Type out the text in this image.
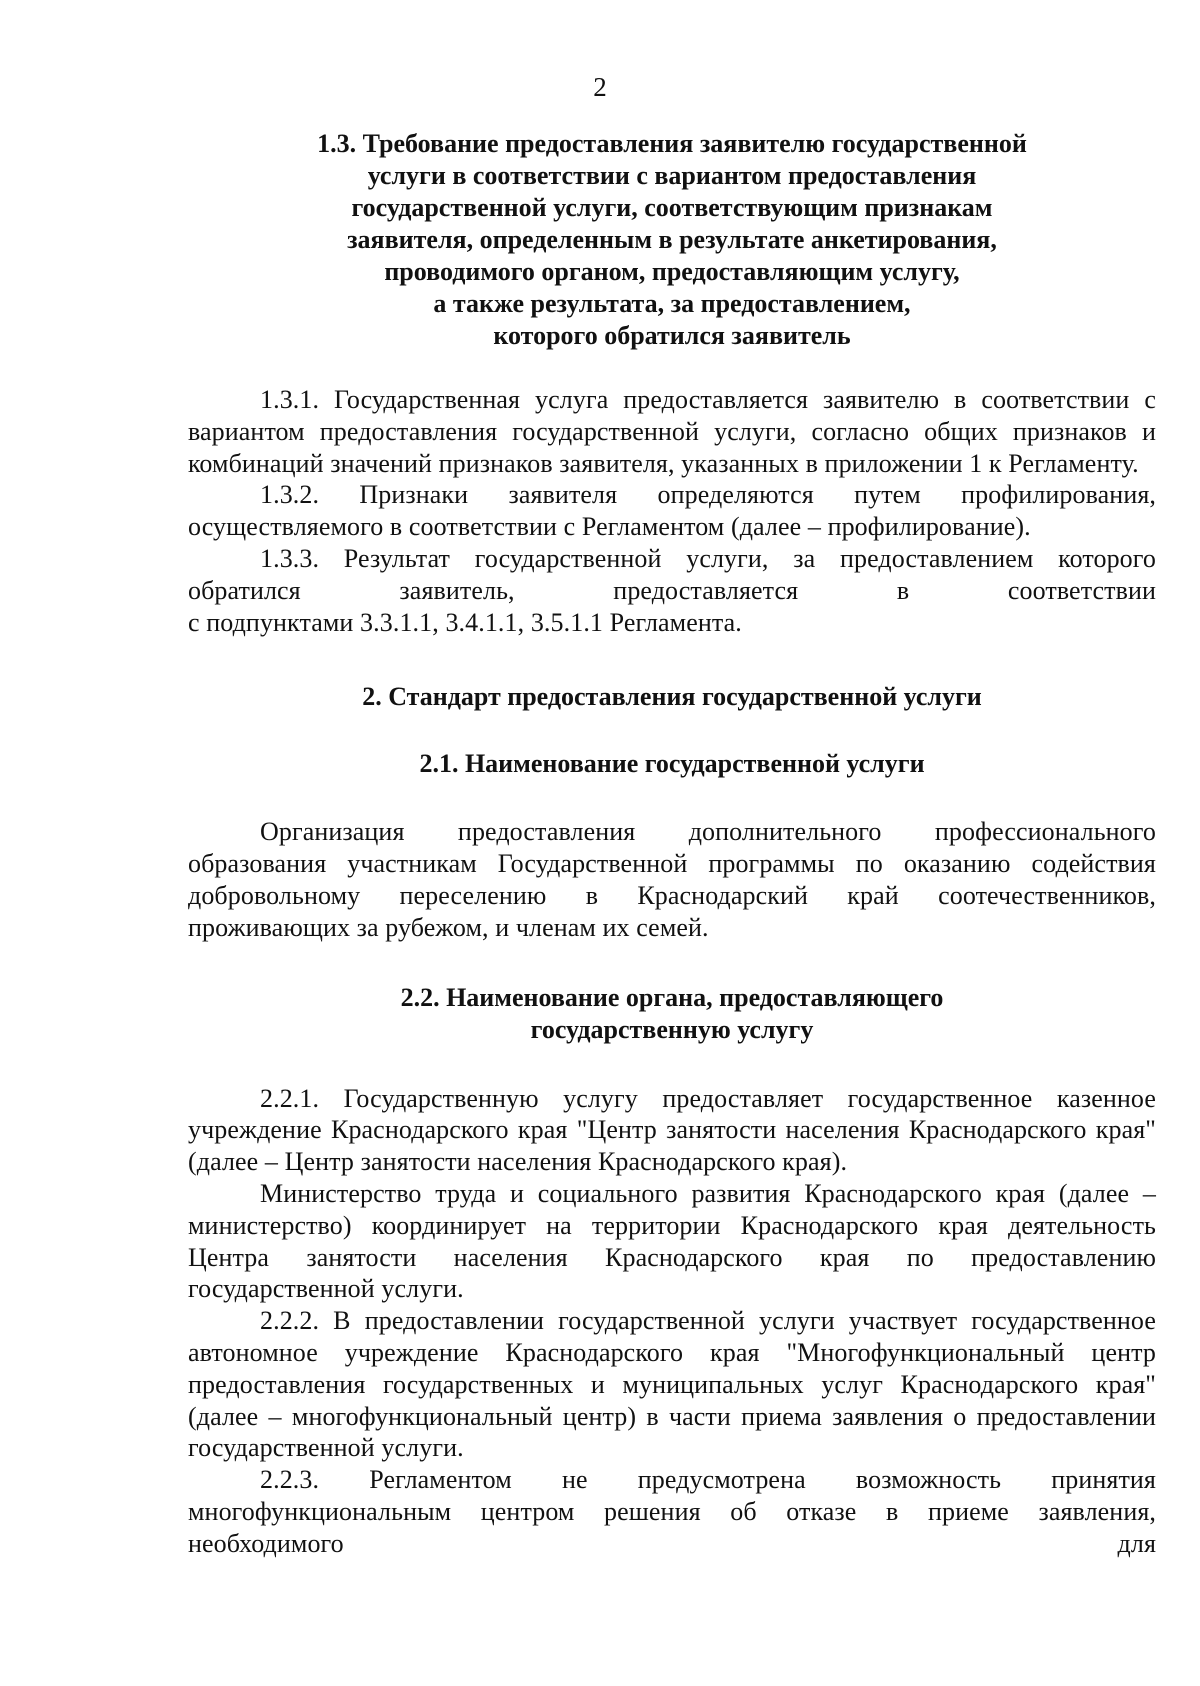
2
1.3. Требование предоставления заявителю государственной
услуги в соответствии с вариантом предоставления
государственной услуги, соответствующим признакам
заявителя, определенным в результате анкетирования,
проводимого органом, предоставляющим услугу,
а также результата, за предоставлением,
которого обратился заявитель

1.3.1. Государственная услуга предоставляется заявителю в соответствии с вариантом предоставления государственной услуги, согласно общих признаков и комбинаций значений признаков заявителя, указанных в приложении 1 к Регламенту.

1.3.2. Признаки заявителя определяются путем профилирования, осуществляемого в соответствии с Регламентом (далее – профилирование).

1.3.3. Результат государственной услуги, за предоставлением которого обратился заявитель, предоставляется в соответствии

с подпунктами 3.3.1.1, 3.4.1.1, 3.5.1.1 Регламента.

2. Стандарт предоставления государственной услуги
2.1. Наименование государственной услуги

Организация предоставления дополнительного профессионального образования участникам Государственной программы по оказанию содействия добровольному переселению в Краснодарский край соотечественников, проживающих за рубежом, и членам их семей.

2.2. Наименование органа, предоставляющего
государственную услугу

2.2.1. Государственную услугу предоставляет государственное казенное учреждение Краснодарского края "Центр занятости населения Краснодарского края" (далее – Центр занятости населения Краснодарского края).

Министерство труда и социального развития Краснодарского края (далее – министерство) координирует на территории Краснодарского края деятельность Центра занятости населения Краснодарского края по предоставлению государственной услуги.

2.2.2. В предоставлении государственной услуги участвует государственное автономное учреждение Краснодарского края "Многофункциональный центр предоставления государственных и муниципальных услуг Краснодарского края" (далее – многофункциональный центр) в части приема заявления о предоставлении государственной услуги.

2.2.3. Регламентом не предусмотрена возможность принятия многофункциональным центром решения об отказе в приеме заявления, необходимого для
